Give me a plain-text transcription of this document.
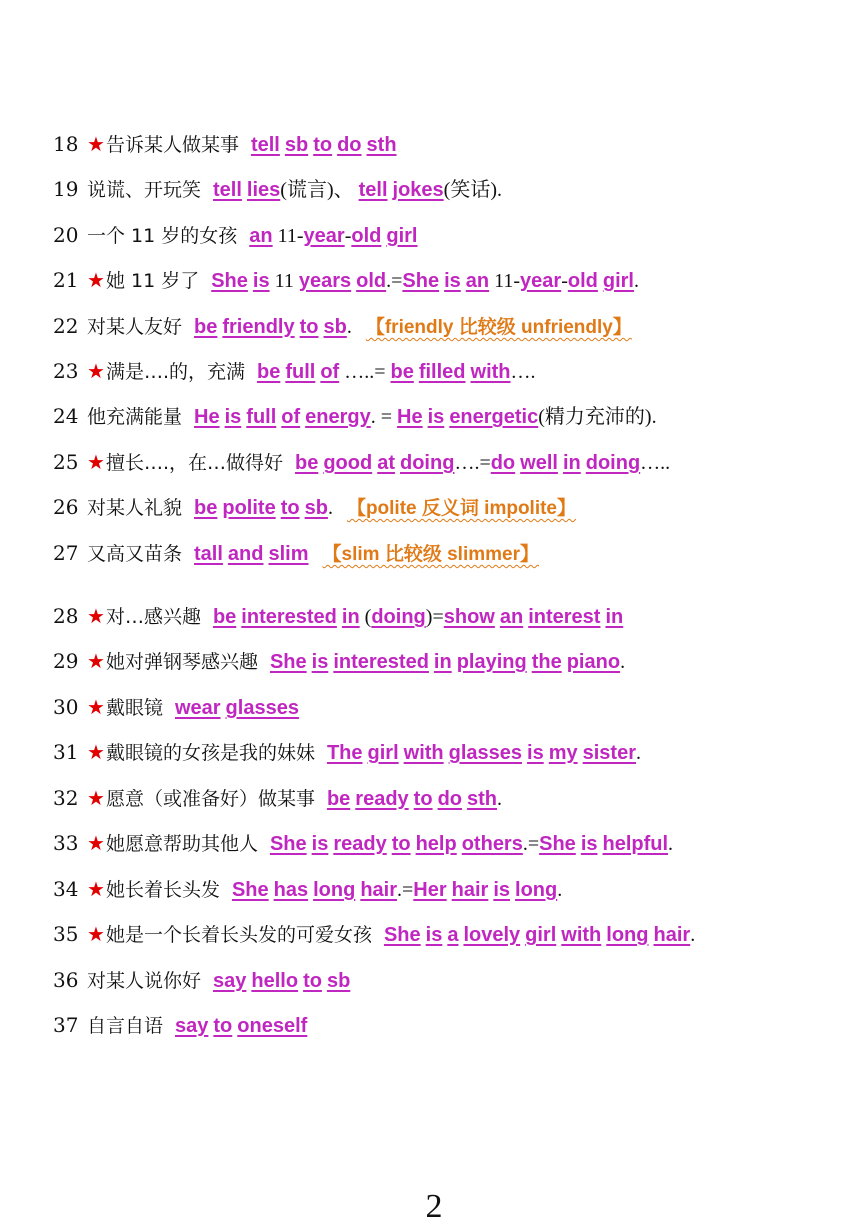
18 ★告诉某人做某事 tell sb to do sth
19 说谎、开玩笑 tell lies(谎言)、 tell jokes(笑话).
20 一个 11 岁的女孩 an 11-year-old girl
21 ★她 11 岁了 She is 11 years old.=She is an 11-year-old girl.
22 对某人友好 be friendly to sb. 【friendly 比较级 unfriendly】
23 ★满是….的，充满 be full of …..= be filled with….
24 他充满能量 He is full of energy. = He is energetic(精力充沛的).
25 ★擅长….，在…做得好 be good at doing….=do well in doing…..
26 对某人礼貌 be polite to sb. 【polite 反义词 impolite】
27 又高又苗条 tall and slim 【slim 比较级 slimmer】
28 ★对…感兴趣 be interested in (doing)=show an interest in
29 ★她对弹钢琴感兴趣 She is interested in playing the piano.
30 ★戴眼镜 wear glasses
31 ★戴眼镜的女孩是我的妹妹 The girl with glasses is my sister.
32 ★愿意（或准备好）做某事 be ready to do sth.
33 ★她愿意帮助其他人 She is ready to help others.=She is helpful.
34 ★她长着长头发 She has long hair.=Her hair is long.
35 ★她是一个长着长头发的可爱女孩 She is a lovely girl with long hair.
36 对某人说你好 say hello to sb
37 自言自语 say to oneself
2
